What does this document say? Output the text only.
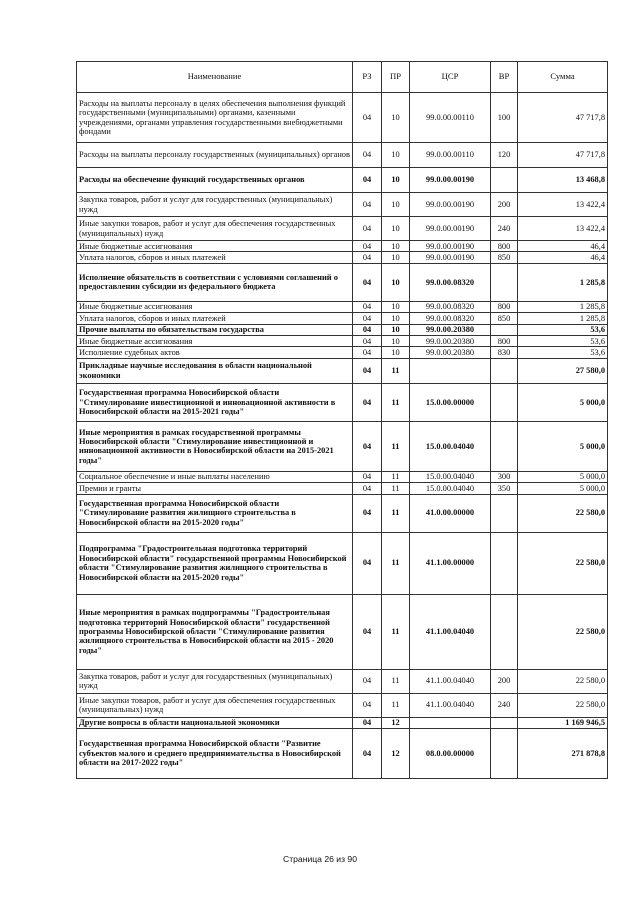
Наименование	РЗ	ПР	ЦСР	ВР	Сумма
Расходы на выплаты персоналу в целях обеспечения выполнения функций государственными (муниципальными) органами, казенными учреждениями, органами управления государственными внебюджетными фондами	04	10	99.0.00.00110	100	47 717,8
Расходы на выплаты персоналу государственных (муниципальных) органов	04	10	99.0.00.00110	120	47 717,8
Расходы на обеспечение функций государственных органов	04	10	99.0.00.00190		13 468,8
Закупка товаров, работ и услуг для государственных (муниципальных) нужд	04	10	99.0.00.00190	200	13 422,4
Иные закупки товаров, работ и услуг для обеспечения государственных (муниципальных) нужд	04	10	99.0.00.00190	240	13 422,4
Иные бюджетные ассигнования	04	10	99.0.00.00190	800	46,4
Уплата налогов, сборов и иных платежей	04	10	99.0.00.00190	850	46,4
Исполнение обязательств в соответствии с условиями соглашений о предоставлении субсидии из федерального бюджета	04	10	99.0.00.08320		1 285,8
Иные бюджетные ассигнования	04	10	99.0.00.08320	800	1 285,8
Уплата налогов, сборов и иных платежей	04	10	99.0.00.08320	850	1 285,8
Прочие выплаты по обязательствам государства	04	10	99.0.00.20380		53,6
Иные бюджетные ассигнования	04	10	99.0.00.20380	800	53,6
Исполнение судебных актов	04	10	99.0.00.20380	830	53,6
Прикладные научные исследования в области национальной экономики	04	11			27 580,0
Государственная программа Новосибирской области "Стимулирование инвестиционной и инновационной активности в Новосибирской области на 2015-2021 годы"	04	11	15.0.00.00000		5 000,0
Иные мероприятия в рамках государственной программы Новосибирской области "Стимулирование инвестиционной и инновационной активности в Новосибирской области на 2015-2021 годы"	04	11	15.0.00.04040		5 000,0
Социальное обеспечение и иные выплаты населению	04	11	15.0.00.04040	300	5 000,0
Премии и гранты	04	11	15.0.00.04040	350	5 000,0
Государственная программа Новосибирской области "Стимулирование развития жилищного строительства в Новосибирской области на 2015-2020 годы"	04	11	41.0.00.00000		22 580,0
Подпрограмма "Градостроительная подготовка территорий Новосибирской области" государственной программы Новосибирской области "Стимулирование развития жилищного строительства в Новосибирской области на 2015-2020 годы"	04	11	41.1.00.00000		22 580,0
Иные мероприятия в рамках подпрограммы "Градостроительная подготовка территорий Новосибирской области" государственной программы Новосибирской области "Стимулирование развития жилищного строительства в Новосибирской области на 2015 - 2020 годы"	04	11	41.1.00.04040		22 580,0
Закупка товаров, работ и услуг для государственных (муниципальных) нужд	04	11	41.1.00.04040	200	22 580,0
Иные закупки товаров, работ и услуг для обеспечения государственных (муниципальных) нужд	04	11	41.1.00.04040	240	22 580,0
Другие вопросы в области национальной экономики	04	12			1 169 946,5
Государственная программа Новосибирской области "Развитие субъектов малого и среднего предпринимательства в Новосибирской области на 2017-2022 годы"	04	12	08.0.00.00000		271 878,8
Страница 26 из 90
